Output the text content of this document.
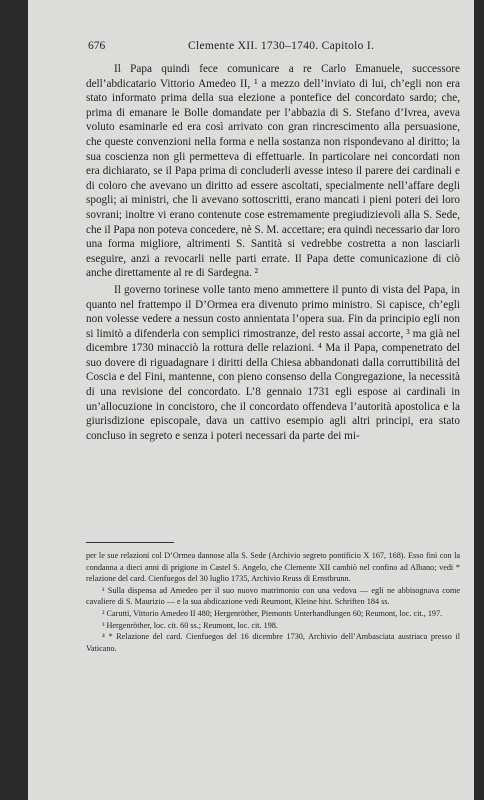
676	Clemente XII. 1730–1740. Capitolo I.

Il Papa quindi fece comunicare a re Carlo Emanuele, successore dell’abdicatario Vittorio Amedeo II, ¹ a mezzo dell’inviato di lui, ch’egli non era stato informato prima della sua elezione a pontefice del concordato sardo; che, prima di emanare le Bolle domandate per l’abbazia di S. Stefano d’Ivrea, aveva voluto esaminarle ed era così arrivato con gran rincrescimento alla persuasione, che queste convenzioni nella forma e nella sostanza non rispondevano al diritto; la sua coscienza non gli permetteva di effettuarle. In particolare nei concordati non era dichiarato, se il Papa prima di concluderli avesse inteso il parere dei cardinali e di coloro che avevano un diritto ad essere ascoltati, specialmente nell’affare degli spogli; ai ministri, che li avevano sottoscritti, erano mancati i pieni poteri dei loro sovrani; inoltre vi erano contenute cose estremamente pregiudizievoli alla S. Sede, che il Papa non poteva concedere, nè S. M. accettare; era quindi necessario dar loro una forma migliore, altrimenti S. Santità si vedrebbe costretta a non lasciarli eseguire, anzi a revocarli nelle parti errate. Il Papa dette comunicazione di ciò anche direttamente al re di Sardegna. ²

Il governo torinese volle tanto meno ammettere il punto di vista del Papa, in quanto nel frattempo il D’Ormea era divenuto primo ministro. Si capisce, ch’egli non volesse vedere a nessun costo annientata l’opera sua. Fin da principio egli non si limitò a difenderla con semplici rimostranze, del resto assai accorte, ³ ma già nel dicembre 1730 minacciò la rottura delle relazioni. ⁴ Ma il Papa, compenetrato del suo dovere di riguadagnare i diritti della Chiesa abbandonati dalla corruttibilità del Coscia e del Fini, mantenne, con pieno consenso della Congregazione, la necessità di una revisione del concordato. L’8 gennaio 1731 egli espose ai cardinali in un’allocuzione in concistoro, che il concordato offendeva l’autorità apostolica e la giurisdizione episcopale, dava un cattivo esempio agli altri principi, era stato concluso in segreto e senza i poteri necessari da parte dei mi-

per le sue relazioni col D’Ormea dannose alla S. Sede (Archivio segreto pontificio X 167, 168). Esso finì con la condanna a dieci anni di prigione in Castel S. Angelo, che Clemente XII cambiò nel confino ad Albano; vedi * relazione del card. Cienfuegos del 30 luglio 1735, Archivio Reuss di Ernstbrunn.

¹ Sulla dispensa ad Amedeo per il suo nuovo matrimonio con una vedova — egli ne abbisognava come cavaliere di S. Maurizio — e la sua abdicazione vedi Reumont, Kleine hist. Schriften 184 ss.

² Carutti, Vittorio Amedeo II 480; Hergenröther, Piemonts Unterhandlungen 60; Reumont, loc. cit., 197.

³ Hergenröther, loc. cit. 60 ss.; Reumont, loc. cit. 198.

⁴ * Relazione del card. Cienfuegos del 16 dicembre 1730, Archivio dell’Ambasciata austriaca presso il Vaticano.
